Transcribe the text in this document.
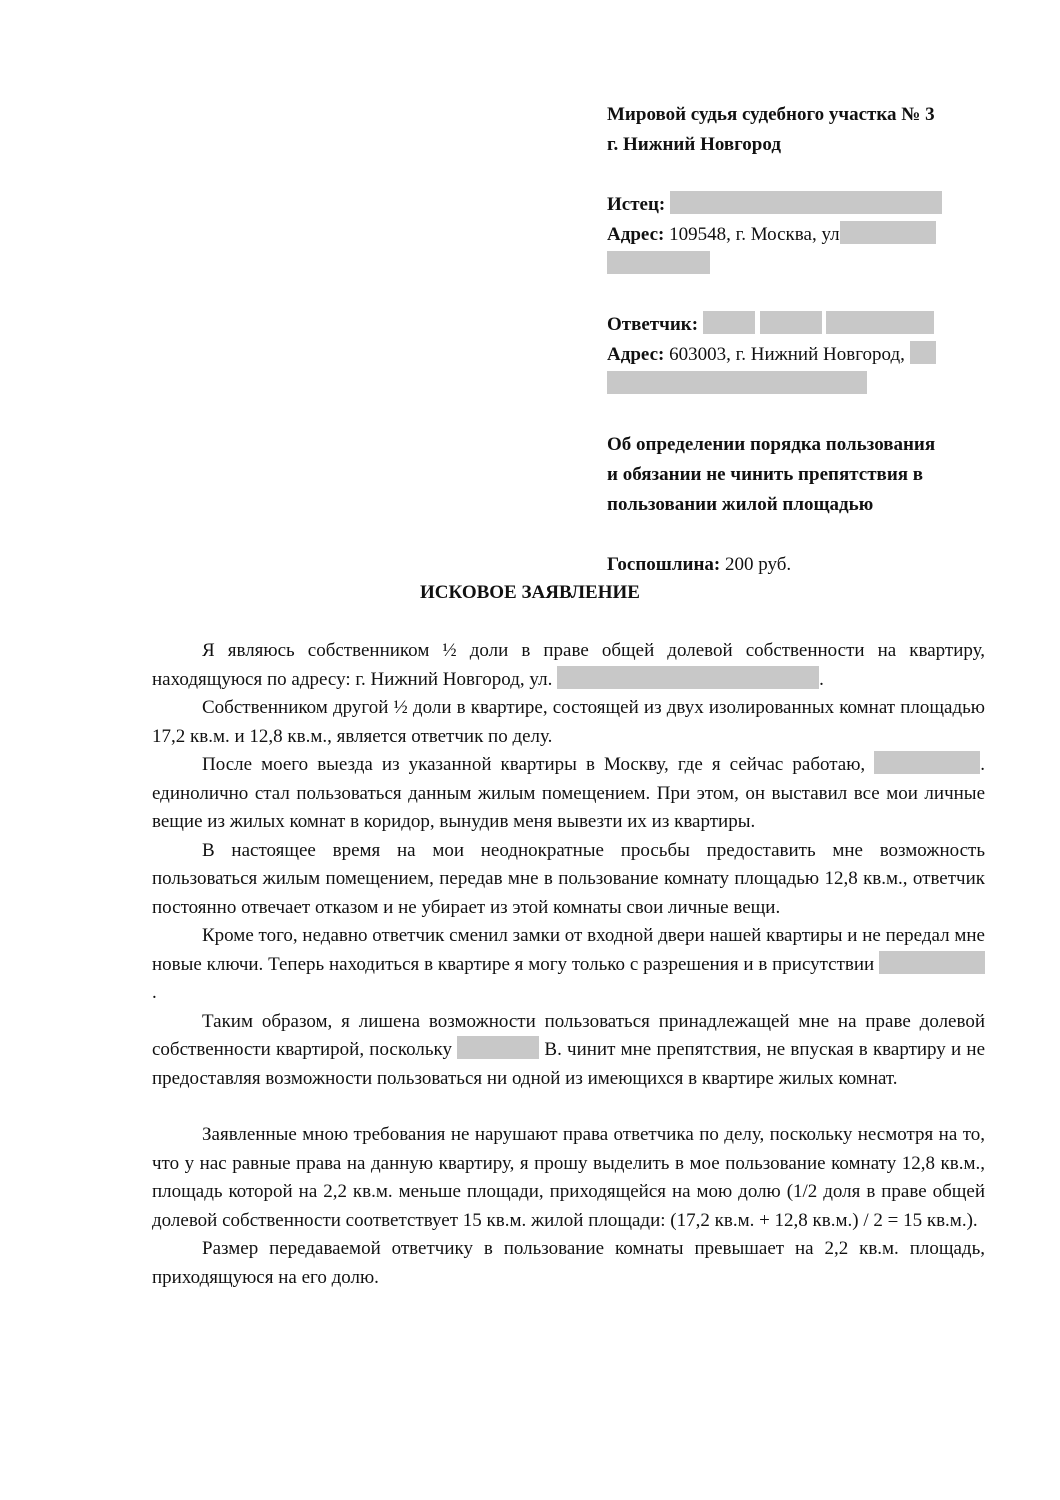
Мировой судья судебного участка № 3

г. Нижний Новгород

Истец:

Адрес: 109548, г. Москва, ул

Ответчик:

Адрес: 603003, г. Нижний Новгород,

Об определении порядка пользования

и обязании не чинить препятствия в

пользовании жилой площадью

Госпошлина: 200 руб.

ИСКОВОЕ ЗАЯВЛЕНИЕ

Я являюсь собственником ½ доли в праве общей долевой собственности на квартиру, находящуюся по адресу: г. Нижний Новгород, ул.	.

Собственником другой ½ доли в квартире, состоящей из двух изолированных комнат площадью 17,2 кв.м. и 12,8 кв.м., является ответчик по делу.

После моего выезда из указанной квартиры в Москву, где я сейчас работаю,	. единолично стал пользоваться данным жилым помещением. При этом, он выставил все мои личные вещие из жилых комнат в коридор, вынудив меня вывезти их из квартиры.

В настоящее время на мои неоднократные просьбы предоставить мне возможность пользоваться жилым помещением, передав мне в пользование комнату площадью 12,8 кв.м., ответчик постоянно отвечает отказом и не убирает из этой комнаты свои личные вещи.

Кроме того, недавно ответчик сменил замки от входной двери нашей квартиры и не передал мне новые ключи. Теперь находиться в квартире я могу только с разрешения и в присутствии .

Таким образом, я лишена возможности пользоваться принадлежащей мне на праве долевой собственности квартирой, поскольку	В. чинит мне препятствия, не впуская в квартиру и не предоставляя возможности пользоваться ни одной из имеющихся в квартире жилых комнат.

Заявленные мною требования не нарушают права ответчика по делу, поскольку несмотря на то, что у нас равные права на данную квартиру, я прошу выделить в мое пользование комнату 12,8 кв.м., площадь которой на 2,2 кв.м. меньше площади, приходящейся на мою долю (1/2 доля в праве общей долевой собственности соответствует 15 кв.м. жилой площади: (17,2 кв.м. + 12,8 кв.м.) / 2 = 15 кв.м.).

Размер передаваемой ответчику в пользование комнаты превышает на 2,2 кв.м. площадь, приходящуюся на его долю.
